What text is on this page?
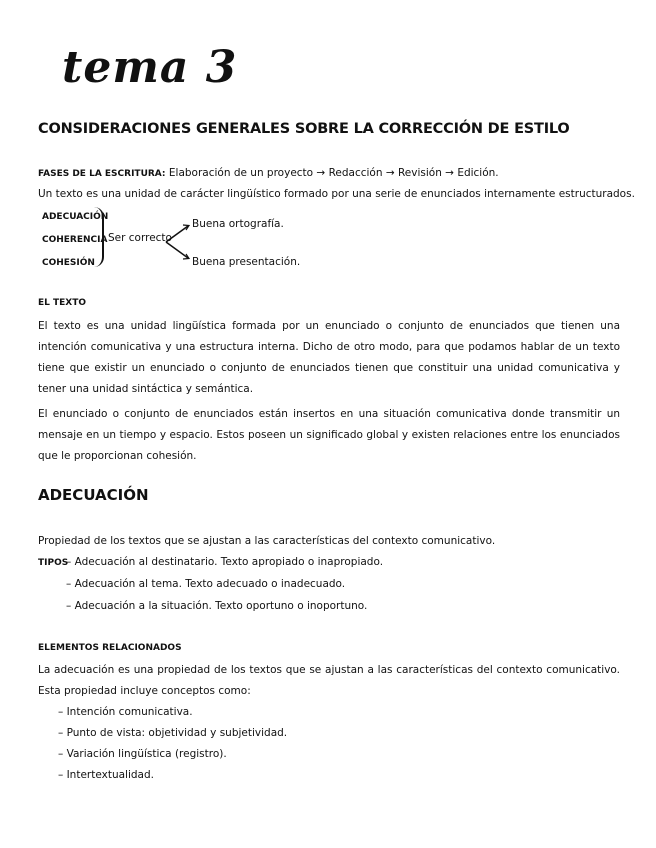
tema 3
CONSIDERACIONES GENERALES SOBRE LA CORRECCIÓN DE ESTILO
FASES DE LA ESCRITURA: Elaboración de un proyecto → Redacción → Revisión → Edición.
Un texto es una unidad de carácter lingüístico formado por una serie de enunciados internamente estructurados.
ADECUACIÓN
COHERENCIA
COHESIÓN
Ser correcto
Buena ortografía.
Buena presentación.
EL TEXTO
El texto es una unidad lingüística formada por un enunciado o conjunto de enunciados que tienen una intención comunicativa y una estructura interna. Dicho de otro modo, para que podamos hablar de un texto tiene que existir un enunciado o conjunto de enunciados tienen que constituir una unidad comunicativa y tener una unidad sintáctica y semántica.
El enunciado o conjunto de enunciados están insertos en una situación comunicativa donde transmitir un mensaje en un tiempo y espacio. Estos poseen un significado global y existen relaciones entre los enunciados que le proporcionan cohesión.
ADECUACIÓN
Propiedad de los textos que se ajustan a las características del contexto comunicativo.
TIPOS
– Adecuación al destinatario. Texto apropiado o inapropiado.
– Adecuación al tema. Texto adecuado o inadecuado.
– Adecuación a la situación. Texto oportuno o inoportuno.
ELEMENTOS RELACIONADOS
La adecuación es una propiedad de los textos que se ajustan a las características del contexto comunicativo. Esta propiedad incluye conceptos como:
– Intención comunicativa.
– Punto de vista: objetividad y subjetividad.
– Variación lingüística (registro).
– Intertextualidad.
